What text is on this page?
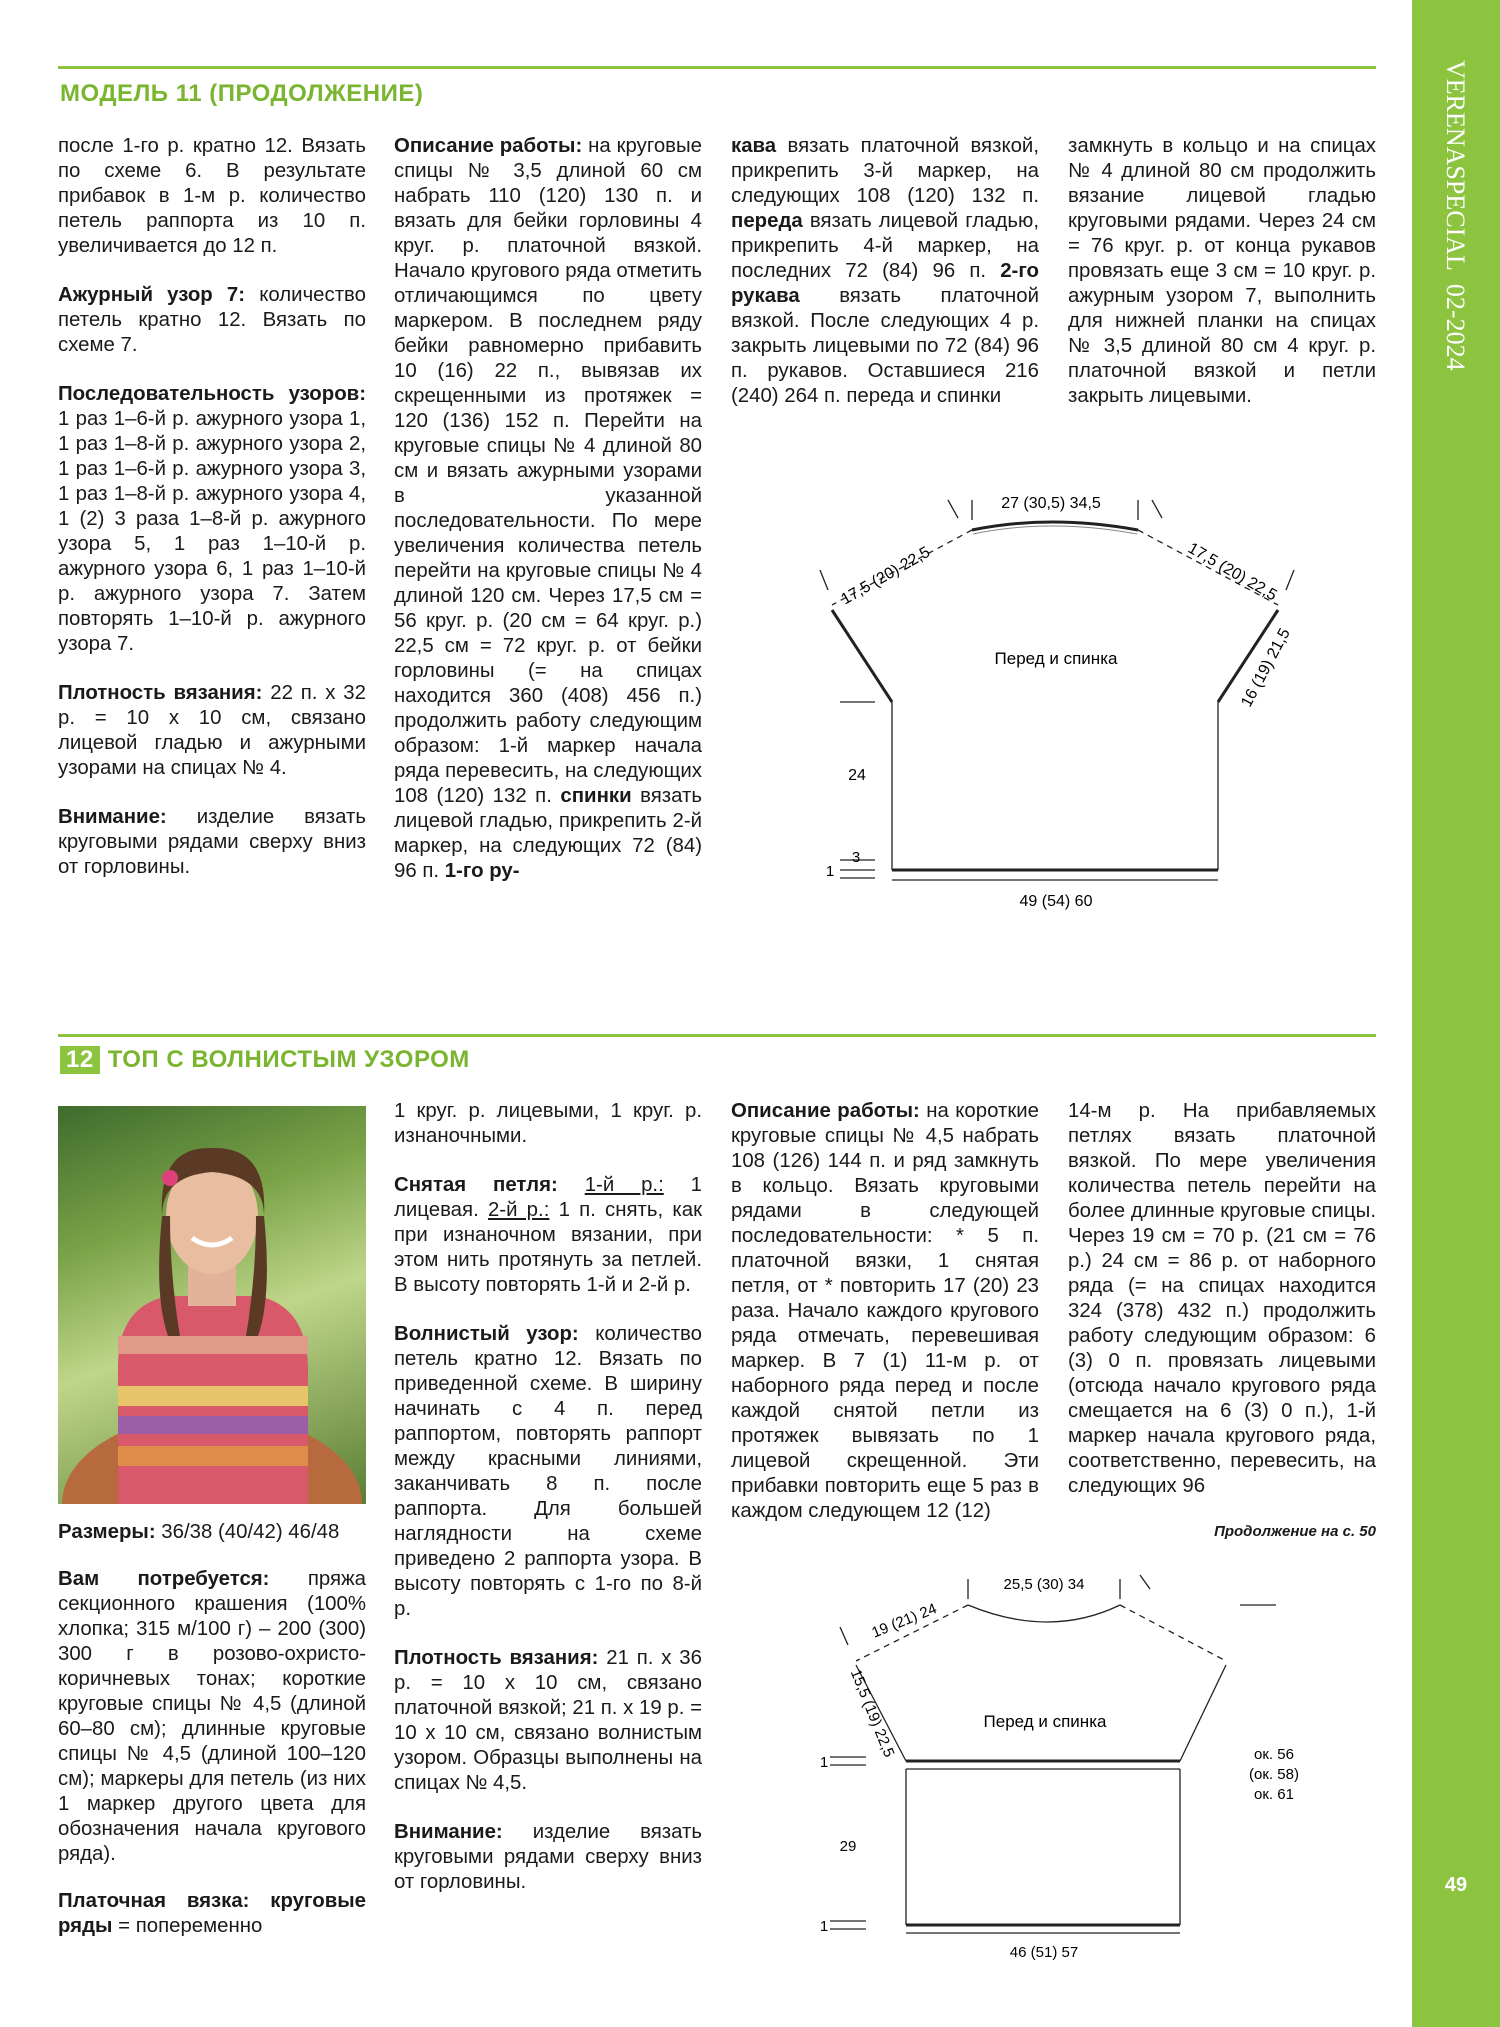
VERENASPECIAL  02-2024
49
МОДЕЛЬ 11 (ПРОДОЛЖЕНИЕ)

после 1-го р. кратно 12. Вязать по схеме 6. В результате прибавок в 1-м р. количество петель раппорта из 10 п. увеличивается до 12 п.

Ажурный узор 7: количество петель кратно 12. Вязать по схеме 7.

Последовательность узоров: 1 раз 1–6-й р. ажурного узора 1, 1 раз 1–8-й р. ажурного узора 2, 1 раз 1–6-й р. ажурного узора 3, 1 раз 1–8-й р. ажурного узора 4, 1 (2) 3 раза 1–8-й р. ажурного узора 5, 1 раз 1–10-й р. ажурного узора 6, 1 раз 1–10-й р. ажурного узора 7. Затем повторять 1–10-й р. ажурного узора 7.

Плотность вязания: 22 п. х 32 р. = 10 х 10 см, связано лицевой гладью и ажурными узорами на спицах № 4.

Внимание: изделие вязать круговыми рядами сверху вниз от горловины.

Описание работы: на круговые спицы № 3,5 длиной 60 см набрать 110 (120) 130 п. и вязать для бейки горловины 4 круг. р. платочной вязкой. Начало кругового ряда отметить отличающимся по цвету маркером. В последнем ряду бейки равномерно прибавить 10 (16) 22 п., вывязав их скрещенными из протяжек = 120 (136) 152 п. Перейти на круговые спицы № 4 длиной 80 см и вязать ажурными узорами в указанной последовательности. По мере увеличения количества петель перейти на круговые спицы № 4 длиной 120 см. Через 17,5 см = 56 круг. р. (20 см = 64 круг. р.) 22,5 см = 72 круг. р. от бейки горловины (= на спицах находится 360 (408) 456 п.) продолжить работу следующим образом: 1-й маркер начала ряда перевесить, на следующих 108 (120) 132 п. спинки вязать лицевой гладью, прикрепить 2-й маркер, на следующих 72 (84) 96 п. 1-го ру-

кава вязать платочной вязкой, прикрепить 3-й маркер, на следующих 108 (120) 132 п. переда вязать лицевой гладью, прикрепить 4-й маркер, на последних 72 (84) 96 п. 2-го рукава вязать платочной вязкой. После следующих 4 р. закрыть лицевыми по 72 (84) 96 п. рукавов. Оставшиеся 216 (240) 264 п. переда и спинки

замкнуть в кольцо и на спицах № 4 длиной 80 см продолжить вязание лицевой гладью круговыми рядами. Через 24 см = 76 круг. р. от конца рукавов провязать еще 3 см = 10 круг. р. ажурным узором 7, выполнить для нижней планки на спицах № 3,5 длиной 80 см 4 круг. р. платочной вязкой и петли закрыть лицевыми.

27 (30,5) 34,5
17,5 (20) 22,5	17,5 (20) 22,5
16 (19) 21,5
Перед и спинка
24
3
1
49 (54) 60
12 ТОП С ВОЛНИСТЫМ УЗОРОМ

Размеры: 36/38 (40/42) 46/48

Вам потребуется: пряжа секционного крашения (100% хлопка; 315 м/100 г) – 200 (300) 300 г в розово-охристо-коричневых тонах; короткие круговые спицы № 4,5 (длиной 60–80 см); длинные круговые спицы № 4,5 (длиной 100–120 см); маркеры для петель (из них 1 маркер другого цвета для обозначения начала кругового ряда).

Платочная вязка: круговые ряды = попеременно

1 круг. р. лицевыми, 1 круг. р. изнаночными.

Снятая петля: 1-й р.: 1 лицевая. 2-й р.: 1 п. снять, как при изнаночном вязании, при этом нить протянуть за петлей. В высоту повторять 1-й и 2-й р.

Волнистый узор: количество петель кратно 12. Вязать по приведенной схеме. В ширину начинать с 4 п. перед раппортом, повторять раппорт между красными линиями, заканчивать 8 п. после раппорта. Для большей наглядности на схеме приведено 2 раппорта узора. В высоту повторять с 1-го по 8-й р.

Плотность вязания: 21 п. х 36 р. = 10 х 10 см, связано платочной вязкой; 21 п. х 19 р. = 10 х 10 см, связано волнистым узором. Образцы выполнены на спицах № 4,5.

Внимание: изделие вязать круговыми рядами сверху вниз от горловины.

Описание работы: на короткие круговые спицы № 4,5 набрать 108 (126) 144 п. и ряд замкнуть в кольцо. Вязать круговыми рядами в следующей последовательности: * 5 п. платочной вязки, 1 снятая петля, от * повторить 17 (20) 23 раза. Начало каждого кругового ряда отмечать, перевешивая маркер. В 7 (1) 11-м р. от наборного ряда перед и после каждой снятой петли из протяжек вывязать по 1 лицевой скрещенной. Эти прибавки повторить еще 5 раз в каждом следующем 12 (12)

14-м р. На прибавляемых петлях вязать платочной вязкой. По мере увеличения количества петель перейти на более длинные круговые спицы. Через 19 см = 70 р. (21 см = 76 р.) 24 см = 86 р. от наборного ряда (= на спицах находится 324 (378) 432 п.) продолжить работу следующим образом: 6 (3) 0 п. провязать лицевыми (отсюда начало кругового ряда смещается на 6 (3) 0 п.), 1-й маркер начала кругового ряда, соответственно, перевесить, на следующих 96

Продолжение на с. 50
25,5 (30) 34
19 (21) 24
15,5 (19) 22,5	Перед и спинка
1
29
1
46 (51) 57
ок. 56
(ок. 58)
ок. 61
